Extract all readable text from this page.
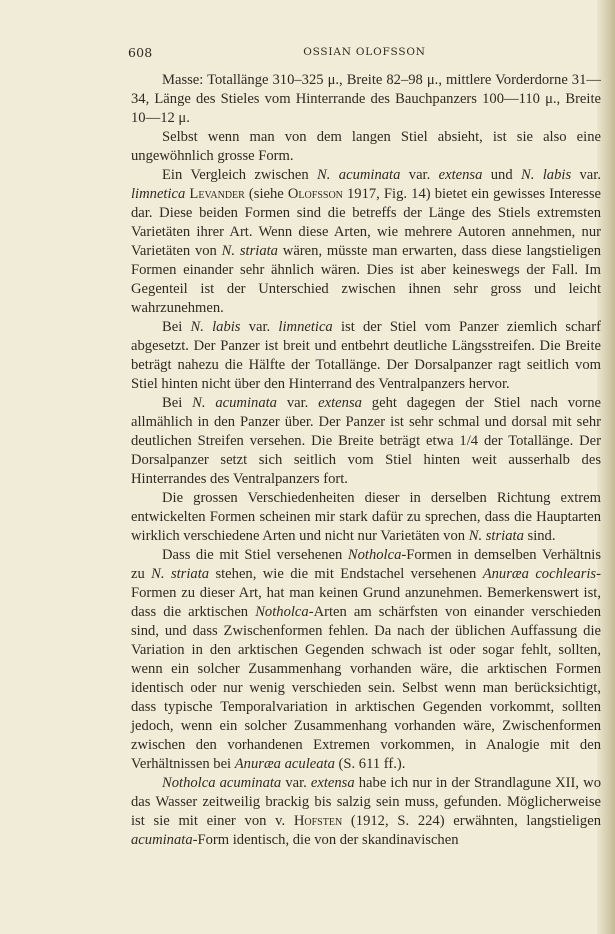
608	OSSIAN OLOFSSON

Masse: Totallänge 310–325 μ., Breite 82–98 μ., mittlere Vorderdorne 31—34, Länge des Stieles vom Hinterrande des Bauchpanzers 100—110 μ., Breite 10—12 μ.

Selbst wenn man von dem langen Stiel absieht, ist sie also eine ungewöhnlich grosse Form.

Ein Vergleich zwischen N. acuminata var. extensa und N. labis var. limnetica Levander (siehe Olofsson 1917, Fig. 14) bietet ein gewisses Interesse dar. Diese beiden Formen sind die betreffs der Länge des Stiels extremsten Varietäten ihrer Art. Wenn diese Arten, wie mehrere Autoren annehmen, nur Varietäten von N. striata wären, müsste man erwarten, dass diese langstieligen Formen einander sehr ähnlich wären. Dies ist aber keineswegs der Fall. Im Gegenteil ist der Unterschied zwischen ihnen sehr gross und leicht wahrzunehmen.

Bei N. labis var. limnetica ist der Stiel vom Panzer ziemlich scharf abgesetzt. Der Panzer ist breit und entbehrt deutliche Längsstreifen. Die Breite beträgt nahezu die Hälfte der Totallänge. Der Dorsalpanzer ragt seitlich vom Stiel hinten nicht über den Hinterrand des Ventralpanzers hervor.

Bei N. acuminata var. extensa geht dagegen der Stiel nach vorne allmählich in den Panzer über. Der Panzer ist sehr schmal und dorsal mit sehr deutlichen Streifen versehen. Die Breite beträgt etwa 1/4 der Totallänge. Der Dorsalpanzer setzt sich seitlich vom Stiel hinten weit ausserhalb des Hinterrandes des Ventralpanzers fort.

Die grossen Verschiedenheiten dieser in derselben Richtung extrem entwickelten Formen scheinen mir stark dafür zu sprechen, dass die Hauptarten wirklich verschiedene Arten und nicht nur Varietäten von N. striata sind.

Dass die mit Stiel versehenen Notholca-Formen in demselben Verhältnis zu N. striata stehen, wie die mit Endstachel versehenen Anuræa cochlearis-Formen zu dieser Art, hat man keinen Grund anzunehmen. Bemerkenswert ist, dass die arktischen Notholca-Arten am schärfsten von einander verschieden sind, und dass Zwischenformen fehlen. Da nach der üblichen Auffassung die Variation in den arktischen Gegenden schwach ist oder sogar fehlt, sollten, wenn ein solcher Zusammenhang vorhanden wäre, die arktischen Formen identisch oder nur wenig verschieden sein. Selbst wenn man berücksichtigt, dass typische Temporalvariation in arktischen Gegenden vorkommt, sollten jedoch, wenn ein solcher Zusammenhang vorhanden wäre, Zwischenformen zwischen den vorhandenen Extremen vorkommen, in Analogie mit den Verhältnissen bei Anuræa aculeata (S. 611 ff.).

Notholca acuminata var. extensa habe ich nur in der Strandlagune XII, wo das Wasser zeitweilig brackig bis salzig sein muss, gefunden. Möglicherweise ist sie mit einer von v. Hofsten (1912, S. 224) erwähnten, langstieligen acuminata-Form identisch, die von der skandinavischen
